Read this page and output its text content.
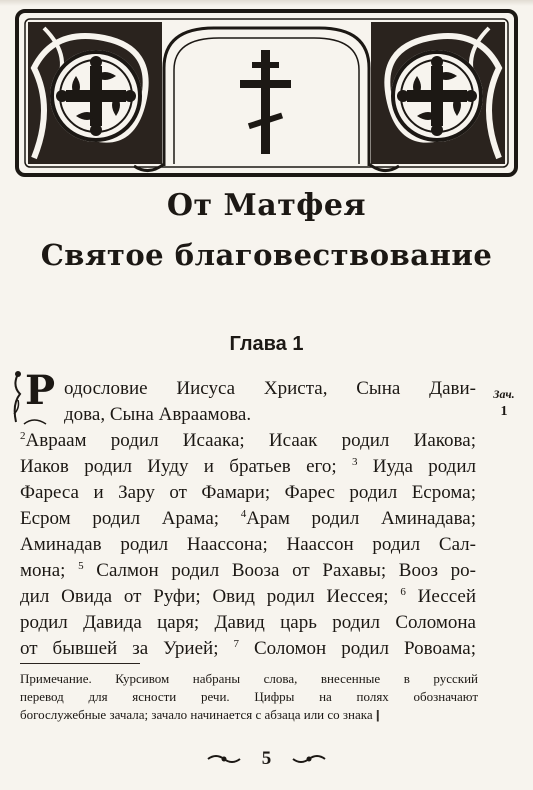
От Матфея
Святое благовествование
Глава 1
Р	Зач.
1
одословие Иисуса Христа, Сына Дави-
дова, Сына Авраамова.
$^2$Авраам родил Исаака; Исаак родил Иакова;
Иаков родил Иуду и братьев его; $^3$ Иуда родил
Фареса и Зару от Фамари; Фарес родил Есрома;
Есром родил Арама; $^4$Арам родил Аминадава;
Аминадав родил Наассона; Наассон родил Сал-
мона; $^5$ Салмон родил Вооза от Рахавы; Вооз ро-
дил Овида от Руфи; Овид родил Иессея; $^6$ Иессей
родил Давида царя; Давид царь родил Соломона
от бывшей за Урией; $^7$ Соломон родил Ровоама;
Примечание. Курсивом набраны слова, внесенные в русский
перевод для ясности речи. Цифры на полях обозначают
богослужебные зачала; зачало начинается с абзаца или со знака ||
5
